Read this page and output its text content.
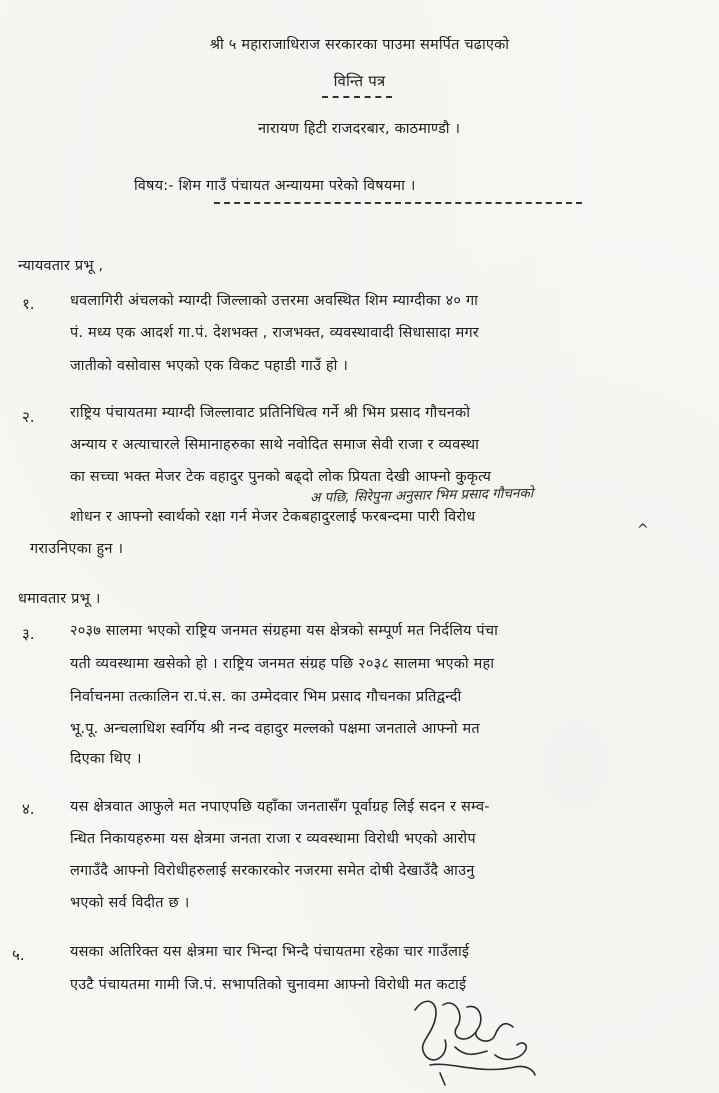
श्री ५ महाराजाधिराज सरकारका पाउमा समर्पित चढाएको
विन्ति पत्र
नारायण हिटी राजदरबार, काठमाण्डौ ।
विषय:- शिम गाउँ पंचायत अन्यायमा परेको विषयमा ।
न्यायवतार प्रभू ,
१. धवलागिरी अंचलको म्याग्दी जिल्लाको उत्तरमा अवस्थित शिम म्याग्दीका ४० गा
पं. मध्य एक आदर्श गा.पं. देशभक्त , राजभक्त, व्यवस्थावादी सिधासादा मगर
जातीको वसोवास भएको एक विकट पहाडी गाउँ हो ।
२. राष्ट्रिय पंचायतमा म्याग्दी जिल्लावाट प्रतिनिधित्व गर्ने श्री भिम प्रसाद गौचनको
अन्याय र अत्याचारले सिमानाहरुका साथे नवोदित समाज सेवी राजा र व्यवस्था
का सच्चा भक्त मेजर टेक वहादुर पुनको बढ्दो लोक प्रियता देखी आफ्नो कुकृत्य
अ पछि, सिरेपुना अनुसार भिम प्रसाद गौचनको
शोधन र आफ्नो स्वार्थको रक्षा गर्न मेजर टेकबहादुरलाई फरबन्दमा पारी विरोध
^
गराउनिएका हुन ।
धमावतार प्रभू ।
३. २०३७ सालमा भएको राष्ट्रिय जनमत संग्रहमा यस क्षेत्रको सम्पूर्ण मत निर्दलिय पंचा
यती व्यवस्थामा खसेको हो । राष्ट्रिय जनमत संग्रह पछि २०३८ सालमा भएको महा
निर्वाचनमा तत्कालिन रा.पं.स. का उम्मेदवार भिम प्रसाद गौचनका प्रतिद्वन्दी
भू.पू. अन्चलाधिश स्वर्गिय श्री नन्द वहादुर मल्लको पक्षमा जनताले आफ्नो मत
दिएका थिए ।
४. यस क्षेत्रवात आफुले मत नपाएपछि यहाँका जनतासँग पूर्वाग्रह लिई सदन र सम्व-
न्धित निकायहरुमा यस क्षेत्रमा जनता राजा र व्यवस्थामा विरोधी भएको आरोप
लगाउँदै आफ्नो विरोधीहरुलाई सरकारकोर नजरमा समेत दोषी देखाउँदै आउनु
भएको सर्व विदीत छ ।
५.	यसका अतिरिक्त यस क्षेत्रमा चार भिन्दा भिन्दै पंचायतमा रहेका चार गाउँलाई
एउटै पंचायतमा गामी जि.पं. सभापतिको चुनावमा आफ्नो विरोधी मत कटाई
